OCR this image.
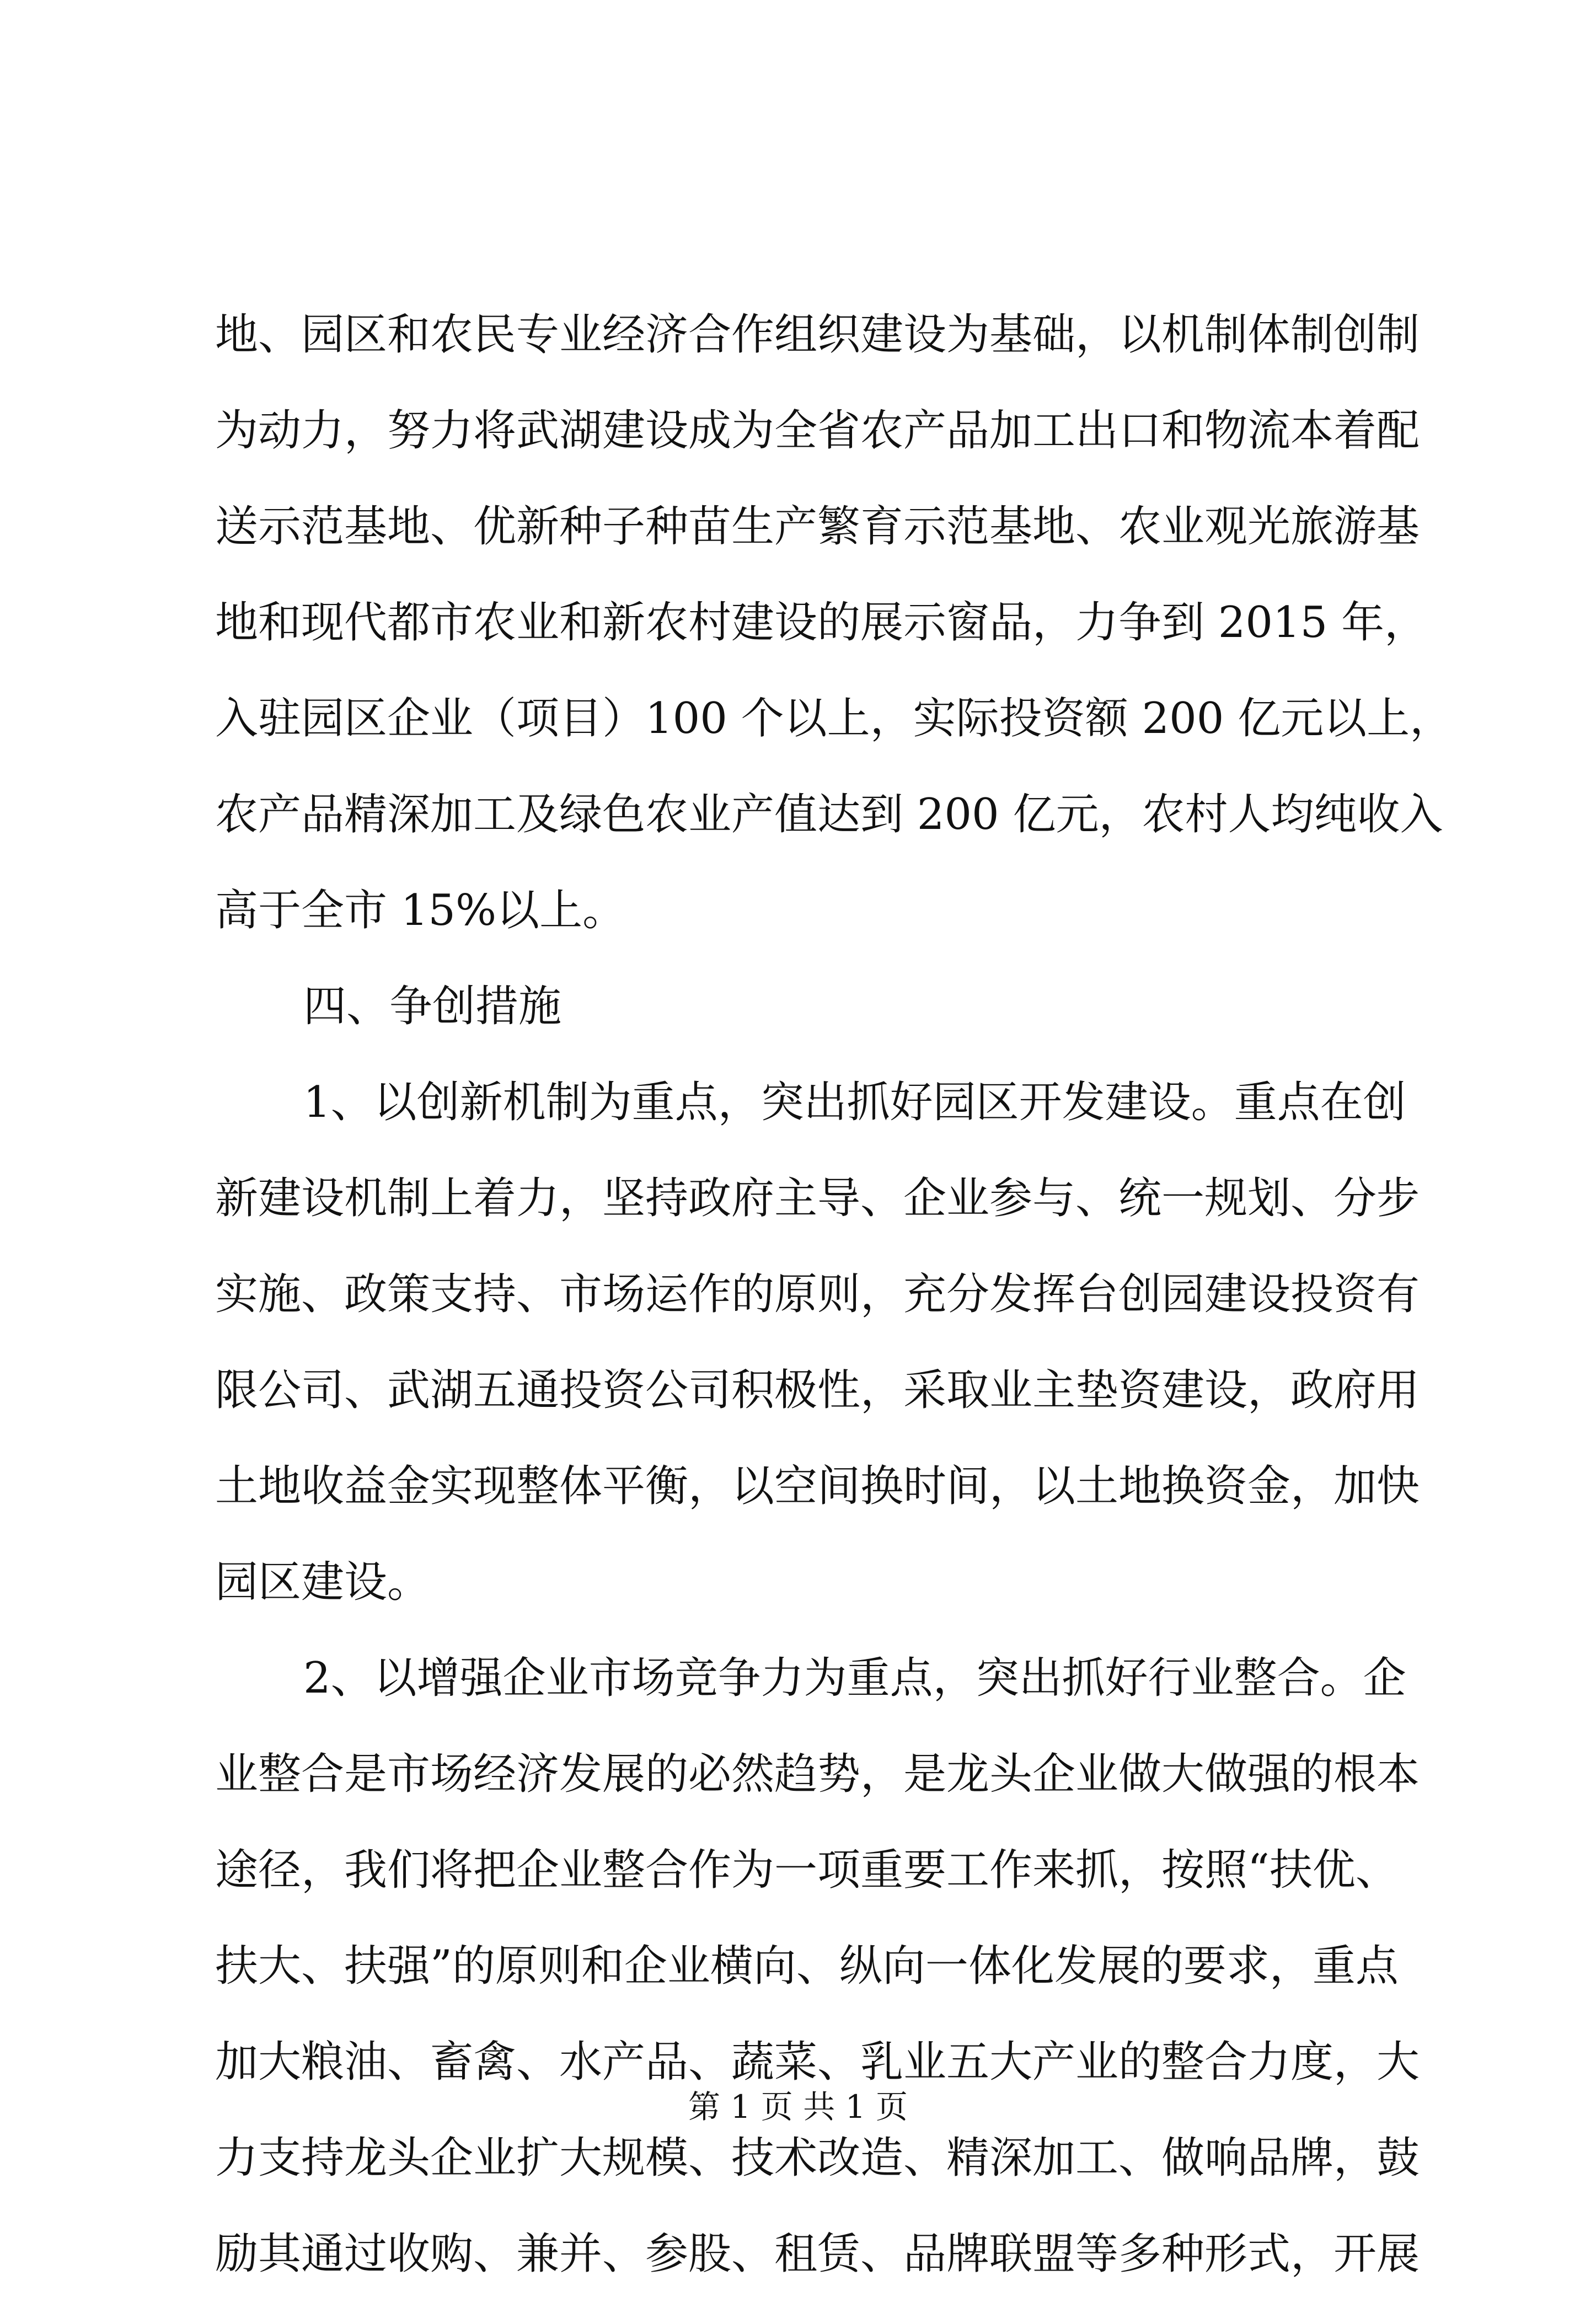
地、园区和农民专业经济合作组织建设为基础，以机制体制创制
为动力，努力将武湖建设成为全省农产品加工出口和物流本着配
送示范基地、优新种子种苗生产繁育示范基地、农业观光旅游基
地和现代都市农业和新农村建设的展示窗品，力争到 2015 年，
入驻园区企业（项目）100 个以上，实际投资额 200 亿元以上，
农产品精深加工及绿色农业产值达到 200 亿元，农村人均纯收入
高于全市 15%以上。
四、争创措施
1、以创新机制为重点，突出抓好园区开发建设。重点在创
新建设机制上着力，坚持政府主导、企业参与、统一规划、分步
实施、政策支持、市场运作的原则，充分发挥台创园建设投资有
限公司、武湖五通投资公司积极性，采取业主垫资建设，政府用
土地收益金实现整体平衡，以空间换时间，以土地换资金，加快
园区建设。
2、以增强企业市场竞争力为重点，突出抓好行业整合。企
业整合是市场经济发展的必然趋势，是龙头企业做大做强的根本
途径，我们将把企业整合作为一项重要工作来抓，按照“扶优、
扶大、扶强”的原则和企业横向、纵向一体化发展的要求，重点
加大粮油、畜禽、水产品、蔬菜、乳业五大产业的整合力度，大
力支持龙头企业扩大规模、技术改造、精深加工、做响品牌，鼓
励其通过收购、兼并、参股、租赁、品牌联盟等多种形式，开展
第 1 页 共 1 页
